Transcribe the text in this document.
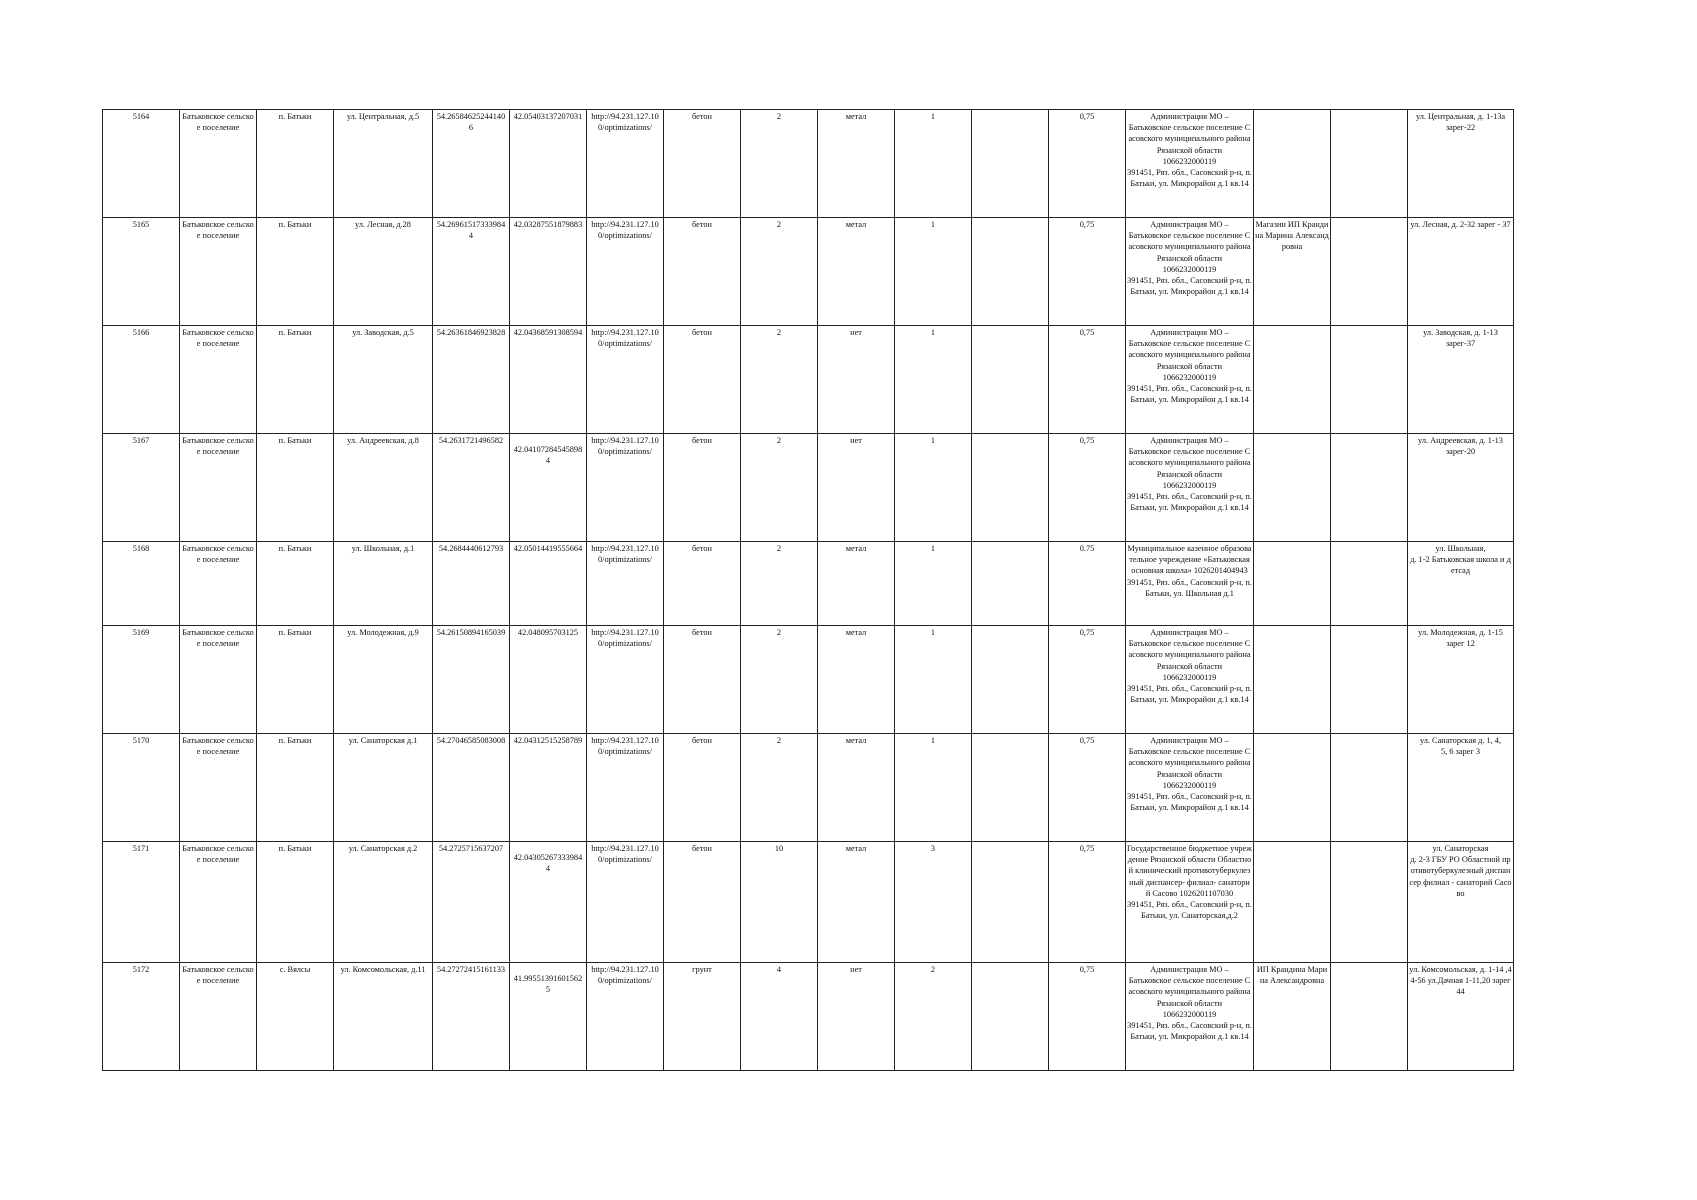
5164	Батьковское сельское поселение	п. Батьки	ул. Центральная, д.5	54.26584625244140 6	42.05403137207031	http://94.231.127.10 0/optimizations/	бетон	2	метал	1		0,75	Администрация МО –
Батьковское сельское поселение Сасовского муниципального района Рязанской области
1066232000119
391451, Ряз. обл., Сасовский р-н, п. Батьки, ул. Микрорайон д.1 кв.14			ул. Центральная, д. 1-13а
зарег-22
5165	Батьковское сельское поселение	п. Батьки	ул. Лесная, д.28	54.26961517333984 4	42.03287551879883	http://94.231.127.10 0/optimizations/	бетон	2	метал	1		0,75	Администрация МО –
Батьковское сельское поселение Сасовского муниципального района Рязанской области
1066232000119
391451, Ряз. обл., Сасовский р-н, п. Батьки, ул. Микрорайон д.1 кв.14	Магазин ИП Крандина Марина Александровна		ул. Лесная, д. 2-32 зарег - 37
5166	Батьковское сельское поселение	п. Батьки	ул. Заводская, д.5	54.26361846923828	42.04368591308594	http://94.231.127.10 0/optimizations/	бетон	2	нет	1		0,75	Администрация МО –
Батьковское сельское поселение Сасовского муниципального района Рязанской области
1066232000119
391451, Ряз. обл., Сасовский р-н, п. Батьки, ул. Микрорайон д.1 кв.14			ул. Заводская, д. 1-13
зарег-37
5167	Батьковское сельское поселение	п. Батьки	ул. Андреевская, д.8	54.2631721496582	42.04107284545898 4	http://94.231.127.10 0/optimizations/	бетон	2	нет	1		0,75	Администрация МО –
Батьковское сельское поселение Сасовского муниципального района Рязанской области
1066232000119
391451, Ряз. обл., Сасовский р-н, п. Батьки, ул. Микрорайон д.1 кв.14			ул. Андреевская, д. 1-13
зарег-20
5168	Батьковское сельское поселение	п. Батьки	ул. Школьная, д.1	54.2684440612793	42.05014419555664	http://94.231.127.10 0/optimizations/	бетон	2	метал	1		0.75	Муниципальное казенное образовательное учреждение «Батьковская основная школа» 1026201404943
391451, Ряз. обл., Сасовский р-н, п. Батьки, ул. Школьная д.1			ул. Школьная,
д. 1-2 Батьковская школа и детсад
5169	Батьковское сельское поселение	п. Батьки	ул. Молодежная, д.9	54.26150894165039	42.048095703125	http://94.231.127.10 0/optimizations/	бетон	2	метал	1		0,75	Администрация МО –
Батьковское сельское поселение Сасовского муниципального района Рязанской области
1066232000119
391451, Ряз. обл., Сасовский р-н, п. Батьки, ул. Микрорайон д.1 кв.14			ул. Молодежная, д. 1-15
зарег 12
5170	Батьковское сельское поселение	п. Батьки	ул. Санаторская д.1	54.27046585083008	42.04312515258789	http://94.231.127.10 0/optimizations/	бетон	2	метал	1		0,75	Администрация МО –
Батьковское сельское поселение Сасовского муниципального района Рязанской области
1066232000119
391451, Ряз. обл., Сасовский р-н, п. Батьки, ул. Микрорайон д.1 кв.14			ул. Санаторская д. 1, 4,
5, 6 зарег 3
5171	Батьковское сельское поселение	п. Батьки	ул. Санаторская д.2	54.2725715637207	42.04305267333984 4	http://94.231.127.10 0/optimizations/	бетон	10	метал	3		0,75	Государственное бюджетное учреждение Рязанской области Областной клинический противотуберкулезный диспансер- филиал- санаторий Сасово 1026201107030
391451, Ряз. обл., Сасовский р-н, п. Батьки, ул. Санаторская,д.2			ул. Санаторская
д. 2-3 ГБУ РО Областной противотуберкулезный диспансер филиал - санаторий Сасово
5172	Батьковское сельское поселение	с. Вялсы	ул. Комсомольская, д.11	54.27272415161133	41.99551391601562 5	http://94.231.127.10 0/optimizations/	грунт	4	нет	2		0,75	Администрация МО –
Батьковское сельское поселение Сасовского муниципального района Рязанской области
1066232000119
391451, Ряз. обл., Сасовский р-н, п. Батьки, ул. Микрорайон д.1 кв.14	ИП Крандина Марина Александровна		ул. Комсомольская, д. 1-14 ,44-56 ул.Дачная 1-11,20 зарег 44
